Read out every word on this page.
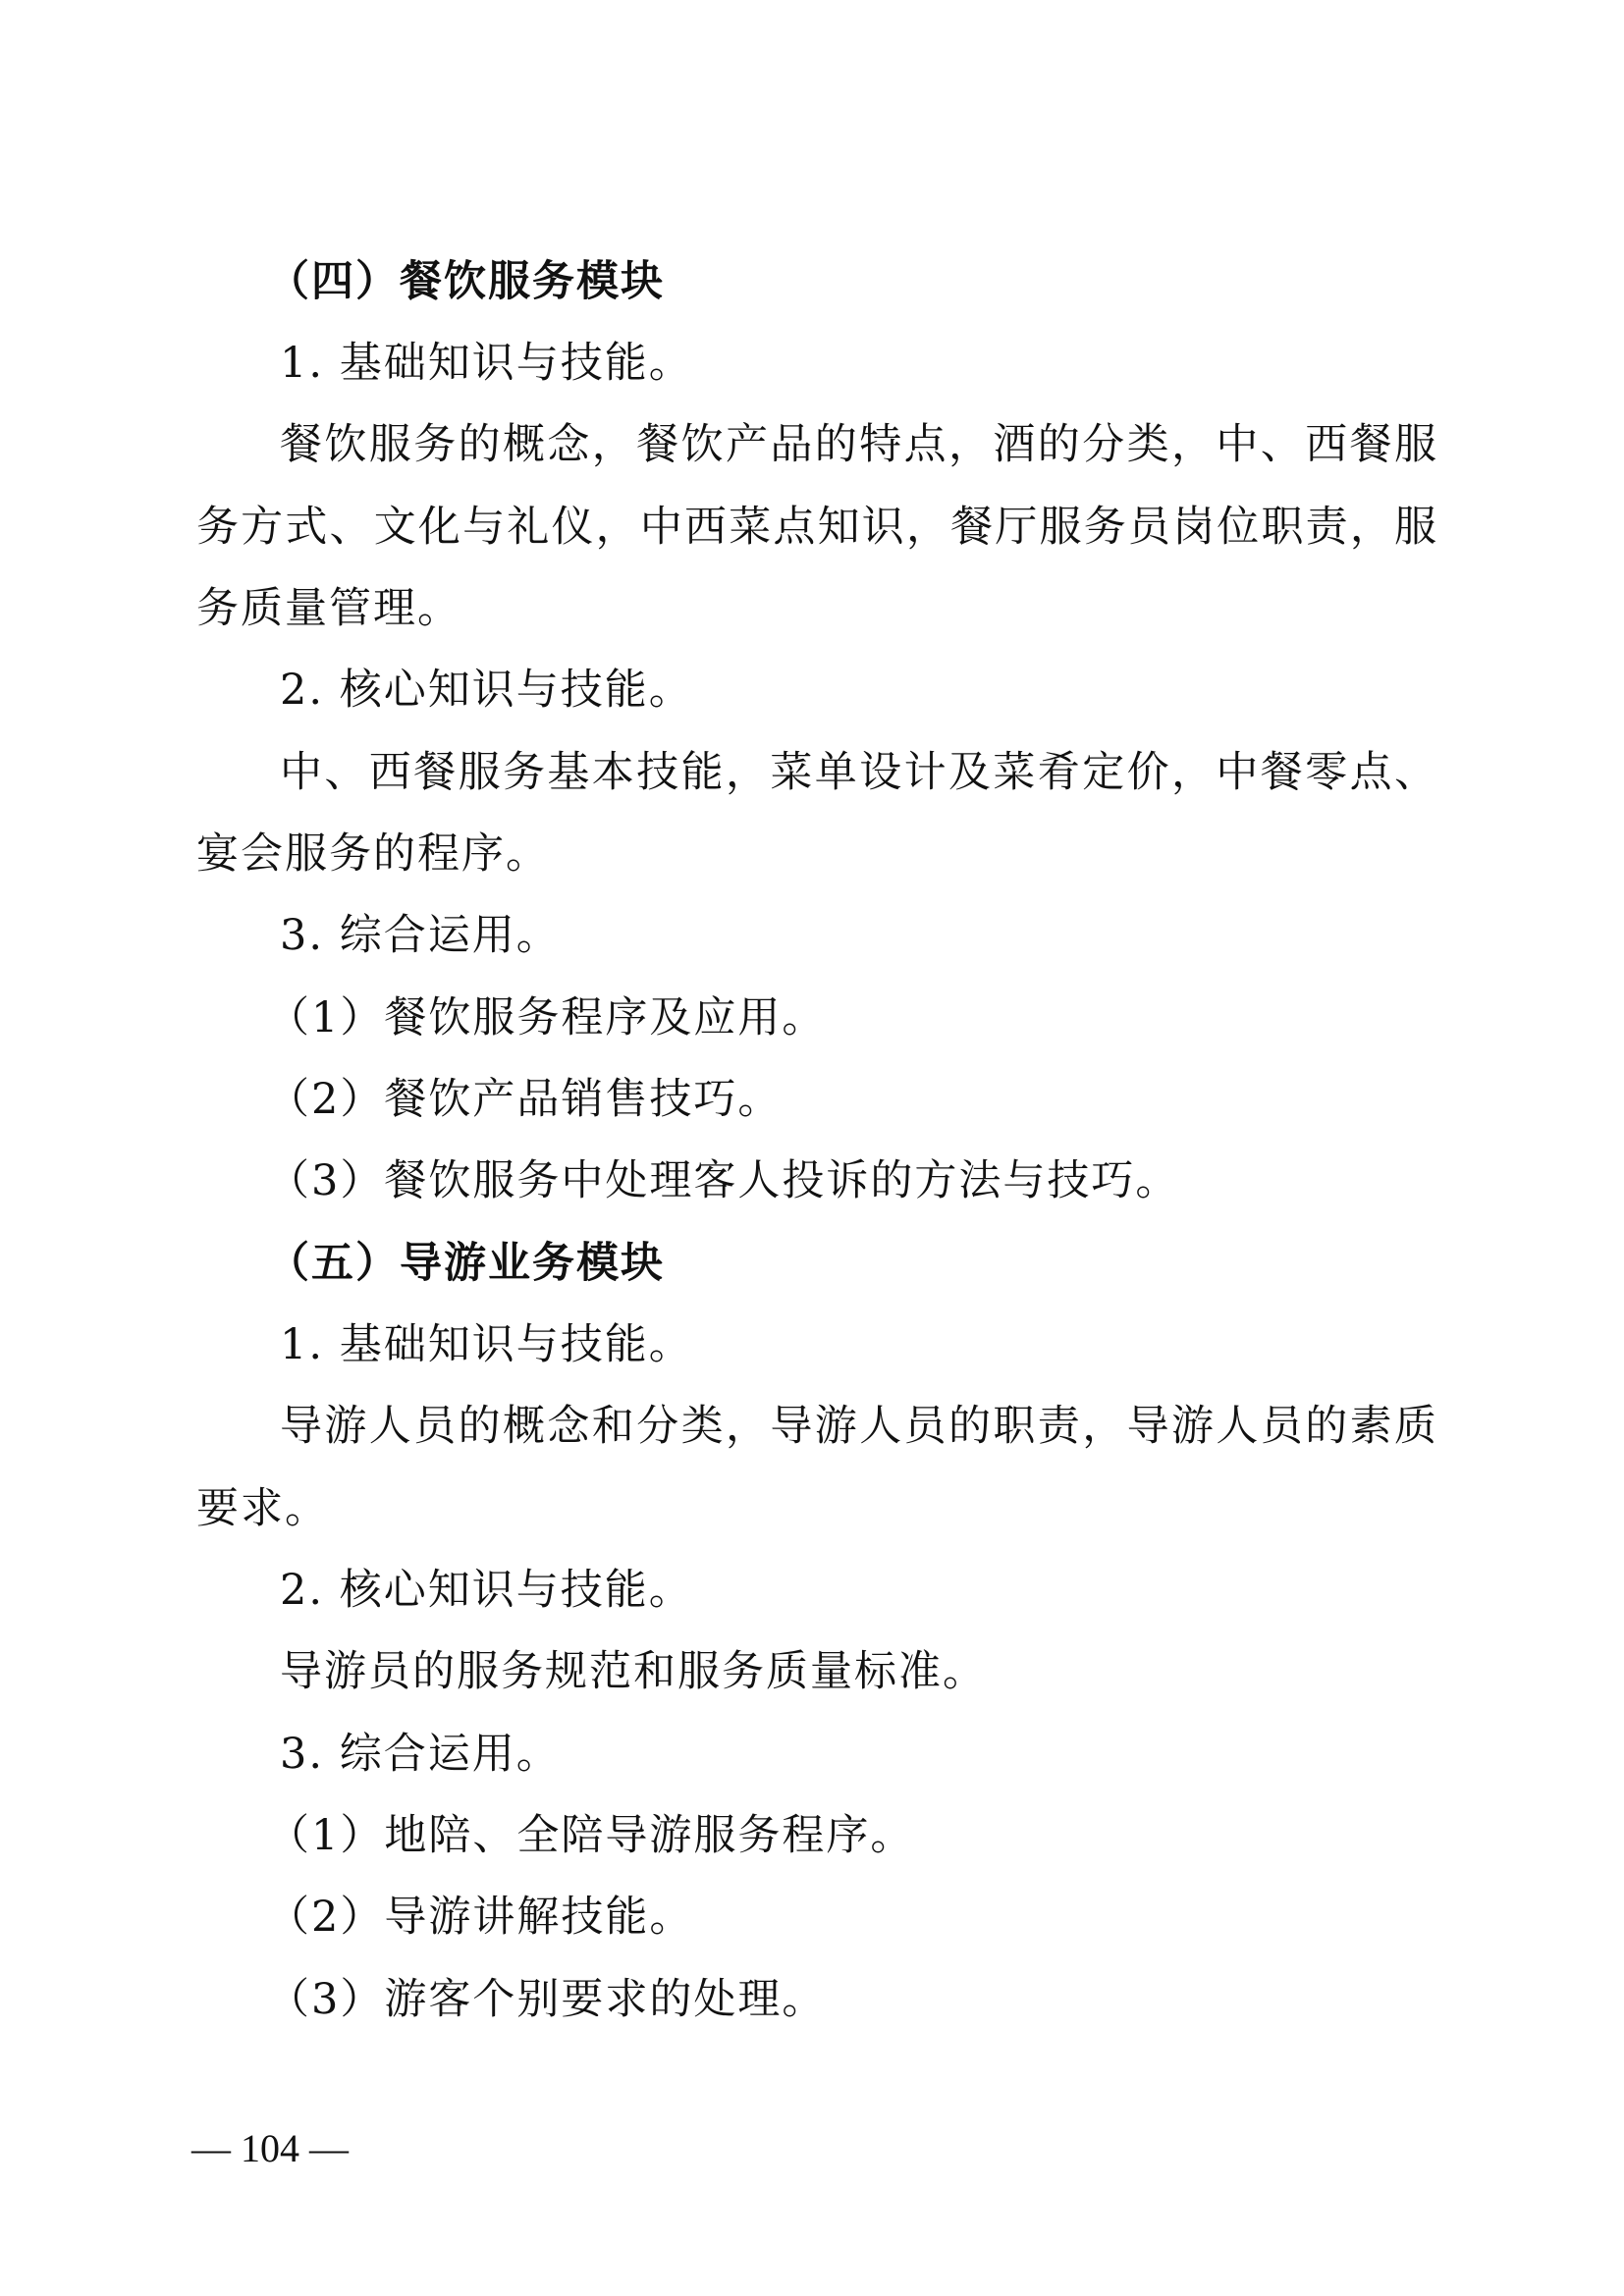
（四）餐饮服务模块

1. 基础知识与技能。

餐饮服务的概念，餐饮产品的特点，酒的分类，中、西餐服

务方式、文化与礼仪，中西菜点知识，餐厅服务员岗位职责，服

务质量管理。

2. 核心知识与技能。

中、西餐服务基本技能，菜单设计及菜肴定价，中餐零点、

宴会服务的程序。

3. 综合运用。

（1）餐饮服务程序及应用。

（2）餐饮产品销售技巧。

（3）餐饮服务中处理客人投诉的方法与技巧。

（五）导游业务模块

1. 基础知识与技能。

导游人员的概念和分类，导游人员的职责，导游人员的素质

要求。

2. 核心知识与技能。

导游员的服务规范和服务质量标准。

3. 综合运用。

（1）地陪、全陪导游服务程序。

（2）导游讲解技能。

（3）游客个别要求的处理。

— 104 —
